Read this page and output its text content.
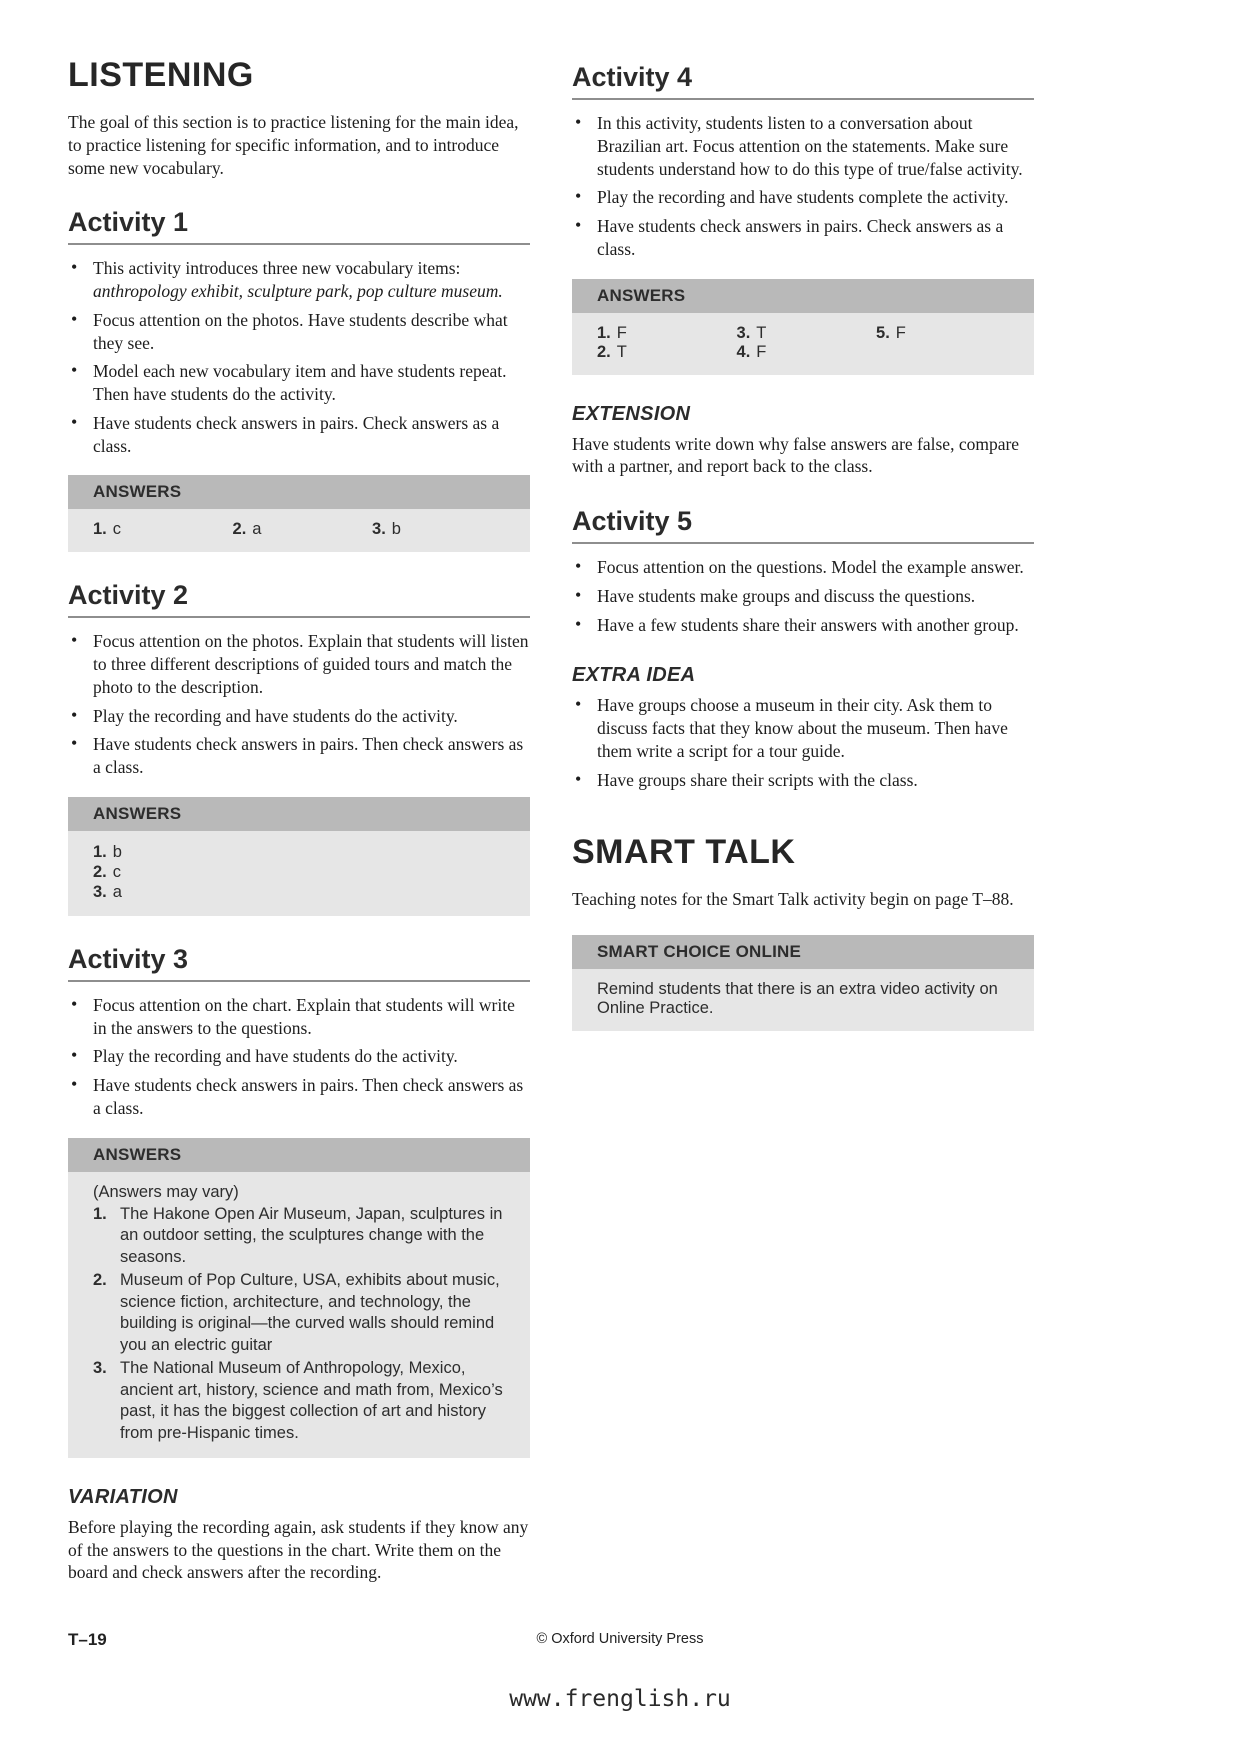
LISTENING

The goal of this section is to practice listening for the main idea, to practice listening for specific information, and to introduce some new vocabulary.

Activity 1
• This activity introduces three new vocabulary items: anthropology exhibit, sculpture park, pop culture museum.
• Focus attention on the photos. Have students describe what they see.
• Model each new vocabulary item and have students repeat. Then have students do the activity.
• Have students check answers in pairs. Check answers as a class.
ANSWERS
1. c	2. a	3. b
Activity 2
• Focus attention on the photos. Explain that students will listen to three different descriptions of guided tours and match the photo to the description.
• Play the recording and have students do the activity.
• Have students check answers in pairs. Then check answers as a class.
ANSWERS
1. b
2. c
3. a
Activity 3
• Focus attention on the chart. Explain that students will write in the answers to the questions.
• Play the recording and have students do the activity.
• Have students check answers in pairs. Then check answers as a class.
ANSWERS
(Answers may vary)
1. The Hakone Open Air Museum, Japan, sculptures in an outdoor setting, the sculptures change with the seasons.
2. Museum of Pop Culture, USA, exhibits about music, science fiction, architecture, and technology, the building is original—the curved walls should remind you an electric guitar
3. The National Museum of Anthropology, Mexico, ancient art, history, science and math from, Mexico’s past, it has the biggest collection of art and history from pre-Hispanic times.
VARIATION

Before playing the recording again, ask students if they know any of the answers to the questions in the chart. Write them on the board and check answers after the recording.

Activity 4
• In this activity, students listen to a conversation about Brazilian art. Focus attention on the statements. Make sure students understand how to do this type of true/false activity.
• Play the recording and have students complete the activity.
• Have students check answers in pairs. Check answers as a class.
ANSWERS
1. F
2. T
3. T
4. F
5. F
EXTENSION

Have students write down why false answers are false, compare with a partner, and report back to the class.

Activity 5
• Focus attention on the questions. Model the example answer.
• Have students make groups and discuss the questions.
• Have a few students share their answers with another group.
EXTRA IDEA
• Have groups choose a museum in their city. Ask them to discuss facts that they know about the museum. Then have them write a script for a tour guide.
• Have groups share their scripts with the class.
SMART TALK

Teaching notes for the Smart Talk activity begin on page T–88.

SMART CHOICE ONLINE
Remind students that there is an extra video activity on Online Practice.
T–19	© Oxford University Press
www.frenglish.ru
